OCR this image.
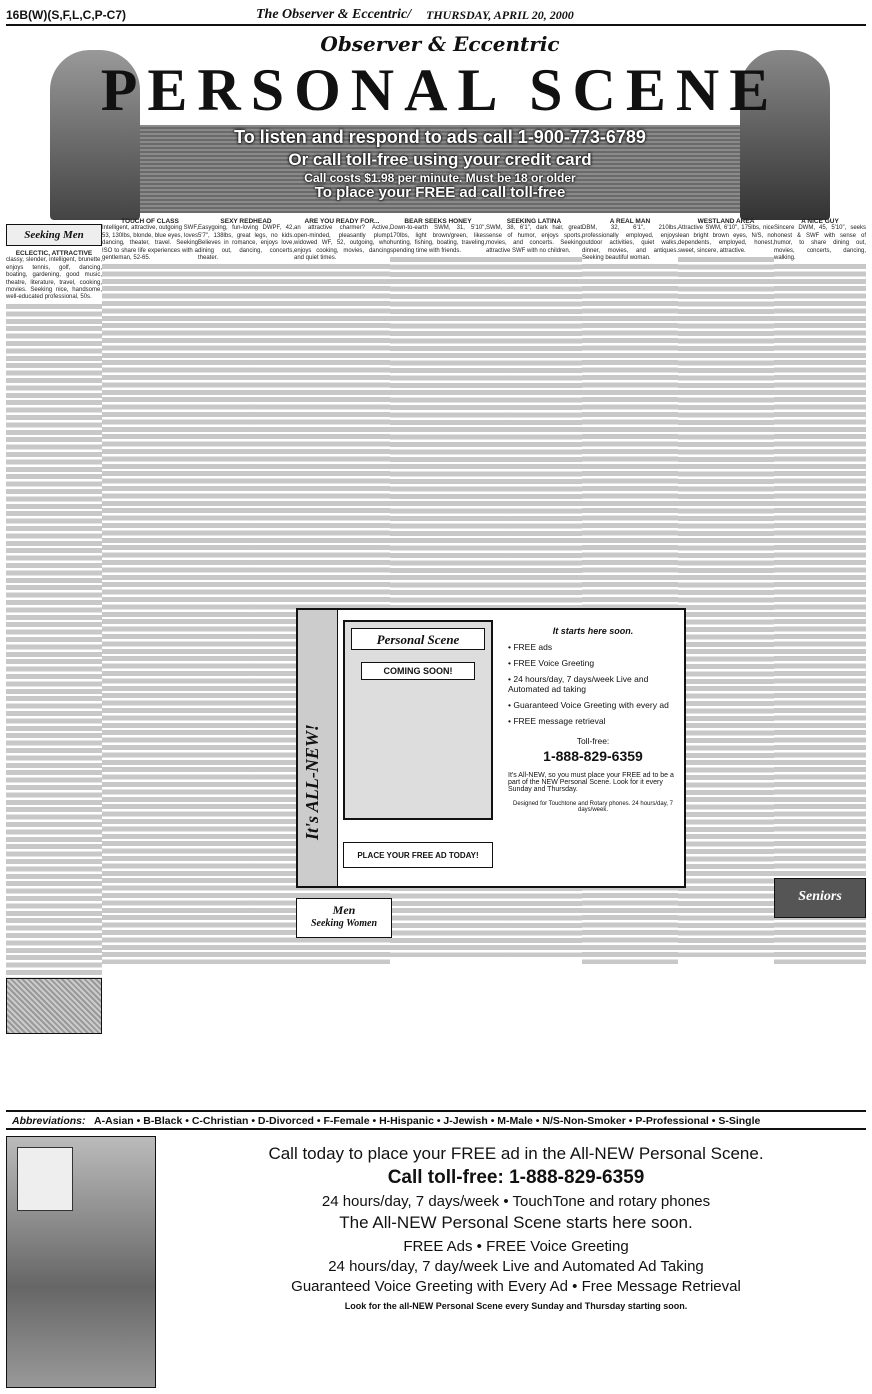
16B(W)(S,F,L,C,P-C7)	The Observer & Eccentric/ THURSDAY, APRIL 20, 2000
Observer & Eccentric
PERSONAL SCENE
To listen and respond to ads call 1-900-773-6789
Or call toll-free using your credit card
Call costs $1.98 per minute. Must be 18 or older
To place your FREE ad call toll-free
ECLECTIC, ATTRACTIVE
classy, slender, intelligent, brunette, enjoys tennis, golf, dancing, boating, gardening, good music, theatre, literature, travel, cooking, movies. Seeking nice, handsome, well-educated professional, 50s.
TOUCH OF CLASS
Intelligent, attractive, outgoing SWF, 53, 130lbs, blonde, blue eyes, loves dancing, theater, travel. Seeking ISO to share life experiences with a gentleman, 52-65.
SEXY REDHEAD
Easygoing, fun-loving DWPF, 42, 5'7", 138lbs, great legs, no kids. Believes in romance, enjoys love, dining out, dancing, concerts, theater.
ARE YOU READY FOR...
an attractive charmer? Active, open-minded, pleasantly plump widowed WF, 52, outgoing, who enjoys cooking, movies, dancing and quiet times.
BEAR SEEKS HONEY
Down-to-earth SWM, 31, 5'10", 170lbs, light brown/green, likes hunting, fishing, boating, traveling, spending time with friends.
SEEKING LATINA
SWM, 38, 6'1", dark hair, great sense of humor, enjoys sports, movies, and concerts. Seeking attractive SWF with no children.
A REAL MAN
DBM, 32, 6'1", 210lbs, professionally employed, enjoys outdoor activities, quiet walks, dinner, movies, and antiques. Seeking beautiful woman.
WESTLAND AREA
Attractive SWM, 6'10", 175lbs, nice lean bright brown eyes, N/S, no dependents, employed, honest, sweet, sincere, attractive.
A NICE GUY
Sincere DWM, 45, 5'10", seeks honest & SWF with sense of humor, to share dining out, movies, concerts, dancing, walking.
Seeking Men
It's ALL-NEW!
Personal Scene
COMING SOON!
PLACE YOUR FREE AD TODAY!
It starts here soon.
• FREE ads
• FREE Voice Greeting
• 24 hours/day, 7 days/week Live and Automated ad taking
• Guaranteed Voice Greeting with every ad
• FREE message retrieval
Toll-free:
1-888-829-6359
It's All-NEW, so you must place your FREE ad to be a part of the NEW Personal Scene. Look for it every Sunday and Thursday.
Designed for Touchtone and Rotary phones. 24 hours/day, 7 days/week.
Men
Seeking Women
Seniors
Abbreviations: A-Asian • B-Black • C-Christian • D-Divorced • F-Female • H-Hispanic • J-Jewish • M-Male • N/S-Non-Smoker • P-Professional • S-Single
Call today to place your FREE ad in the All-NEW Personal Scene.
Call toll-free: 1-888-829-6359
24 hours/day, 7 days/week • TouchTone and rotary phones
The All-NEW Personal Scene starts here soon.
FREE Ads • FREE Voice Greeting
24 hours/day, 7 day/week Live and Automated Ad Taking
Guaranteed Voice Greeting with Every Ad • Free Message Retrieval
Look for the all-NEW Personal Scene every Sunday and Thursday starting soon.
